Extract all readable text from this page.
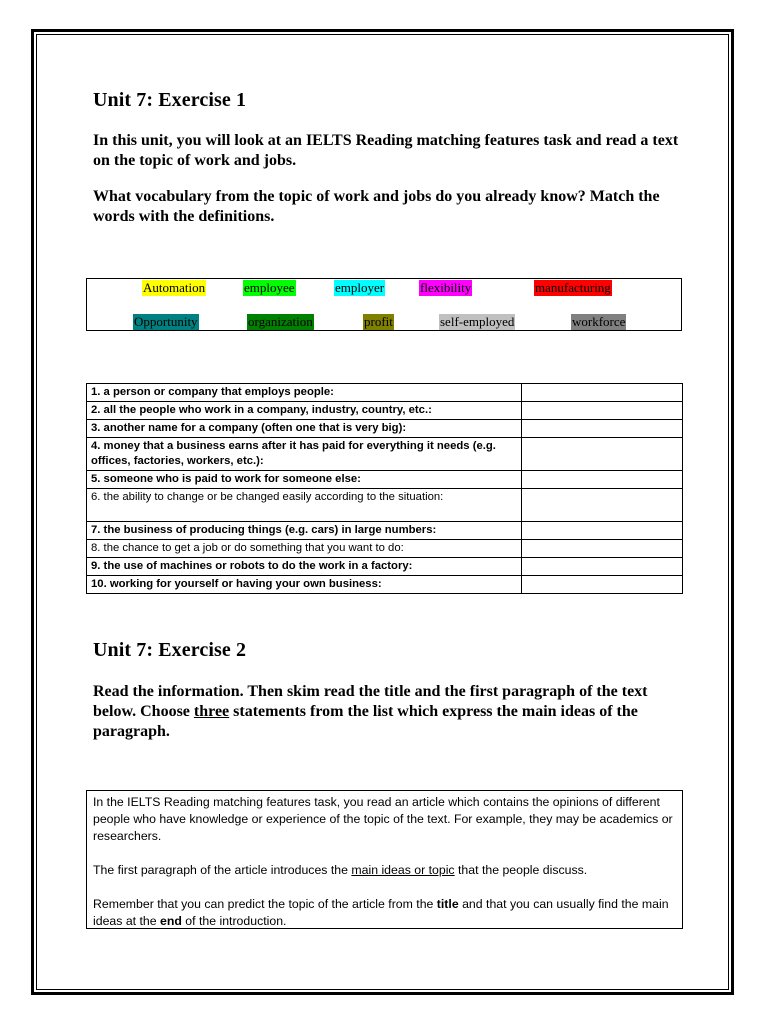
Unit 7: Exercise 1
In this unit, you will look at an IELTS Reading matching features task and read a text on the topic of work and jobs.
What vocabulary from the topic of work and jobs do you already know? Match the words with the definitions.
Automation	employee	employer	flexibility	manufacturing
Opportunity	organization	profit	self-employed	workforce
1. a person or company that employs people:	
2. all the people who work in a company, industry, country, etc.:	
3. another name for a company (often one that is very big):	
4. money that a business earns after it has paid for everything it needs (e.g. offices, factories, workers, etc.):	
5. someone who is paid to work for someone else:	
6. the ability to change or be changed easily according to the situation:	
7. the business of producing things (e.g. cars) in large numbers:	
8. the chance to get a job or do something that you want to do:	
9. the use of machines or robots to do the work in a factory:	
10. working for yourself or having your own business:	
Unit 7: Exercise 2
Read the information. Then skim read the title and the first paragraph of the text below. Choose three statements from the list which express the main ideas of the paragraph.

In the IELTS Reading matching features task, you read an article which contains the opinions of different people who have knowledge or experience of the topic of the text. For example, they may be academics or researchers.

The first paragraph of the article introduces the main ideas or topic that the people discuss.

Remember that you can predict the topic of the article from the title and that you can usually find the main ideas at the end of the introduction.
